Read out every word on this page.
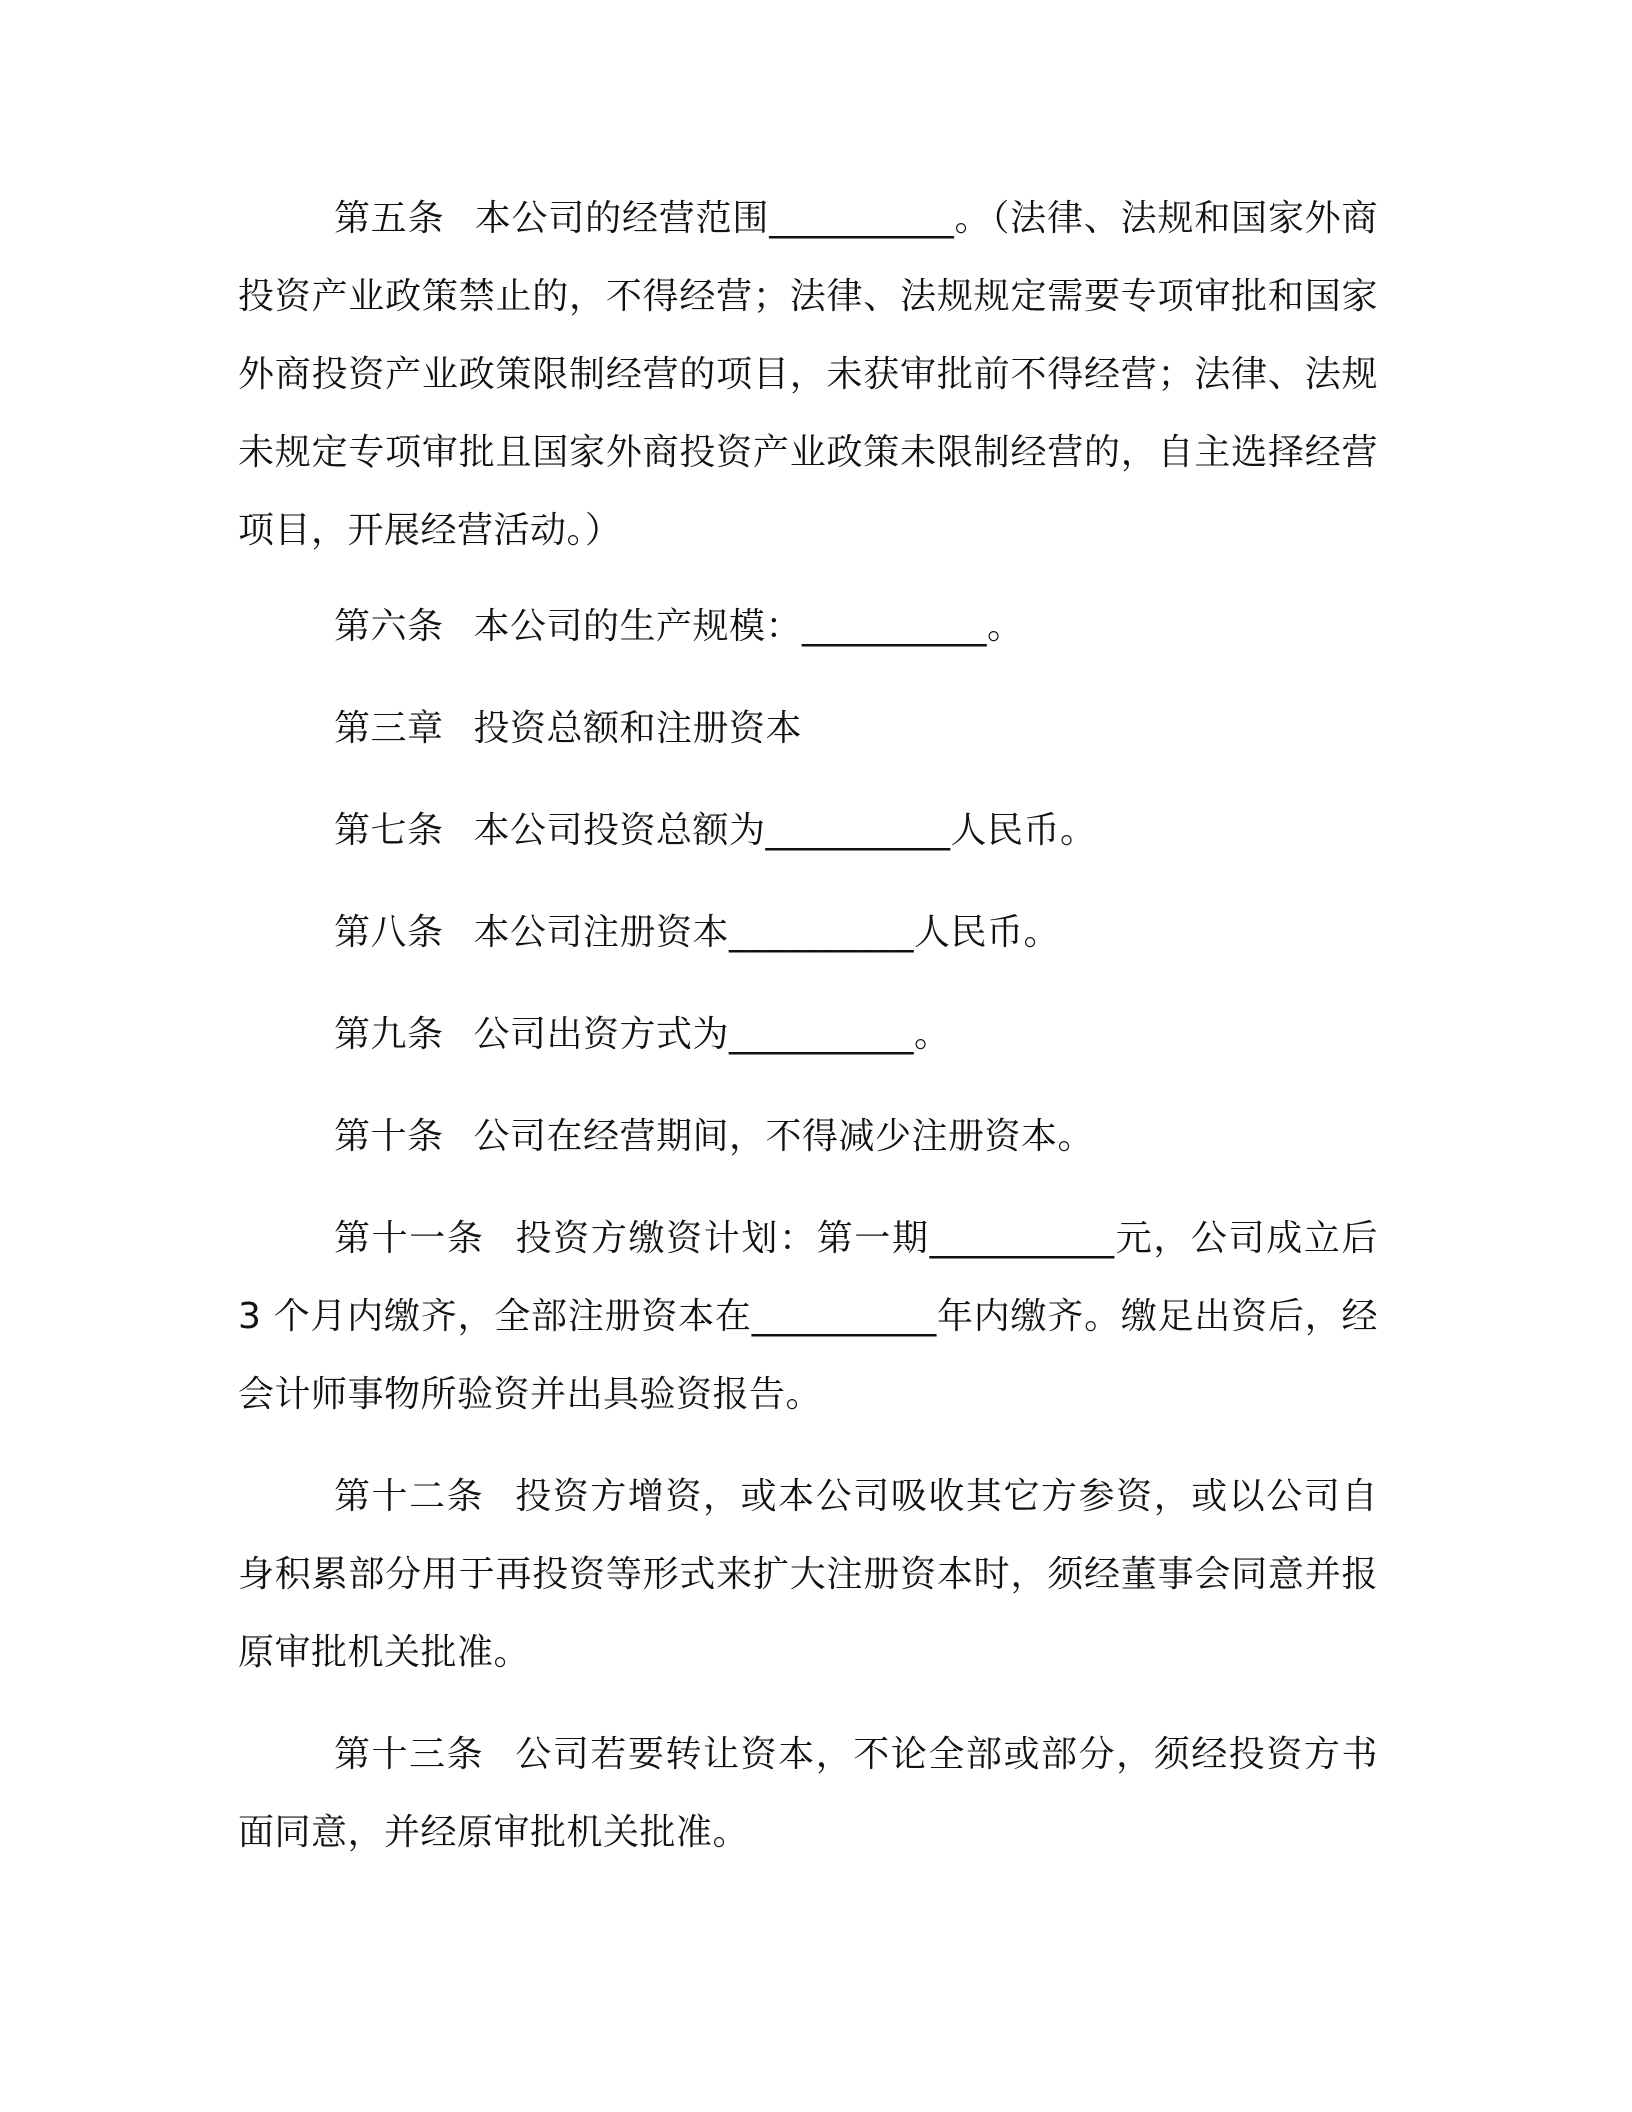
第五条 本公司的经营范围__________。（法律、法规和国家外商投资产业政策禁止的，不得经营；法律、法规规定需要专项审批和国家外商投资产业政策限制经营的项目，未获审批前不得经营；法律、法规未规定专项审批且国家外商投资产业政策未限制经营的，自主选择经营项目，开展经营活动。）

第六条 本公司的生产规模：__________。

第三章 投资总额和注册资本

第七条 本公司投资总额为__________人民币。

第八条 本公司注册资本__________人民币。

第九条 公司出资方式为__________。

第十条 公司在经营期间，不得减少注册资本。

第十一条 投资方缴资计划：第一期__________元，公司成立后 3 个月内缴齐，全部注册资本在__________年内缴齐。缴足出资后，经会计师事物所验资并出具验资报告。

第十二条 投资方增资，或本公司吸收其它方参资，或以公司自身积累部分用于再投资等形式来扩大注册资本时，须经董事会同意并报原审批机关批准。

第十三条 公司若要转让资本，不论全部或部分，须经投资方书面同意，并经原审批机关批准。
